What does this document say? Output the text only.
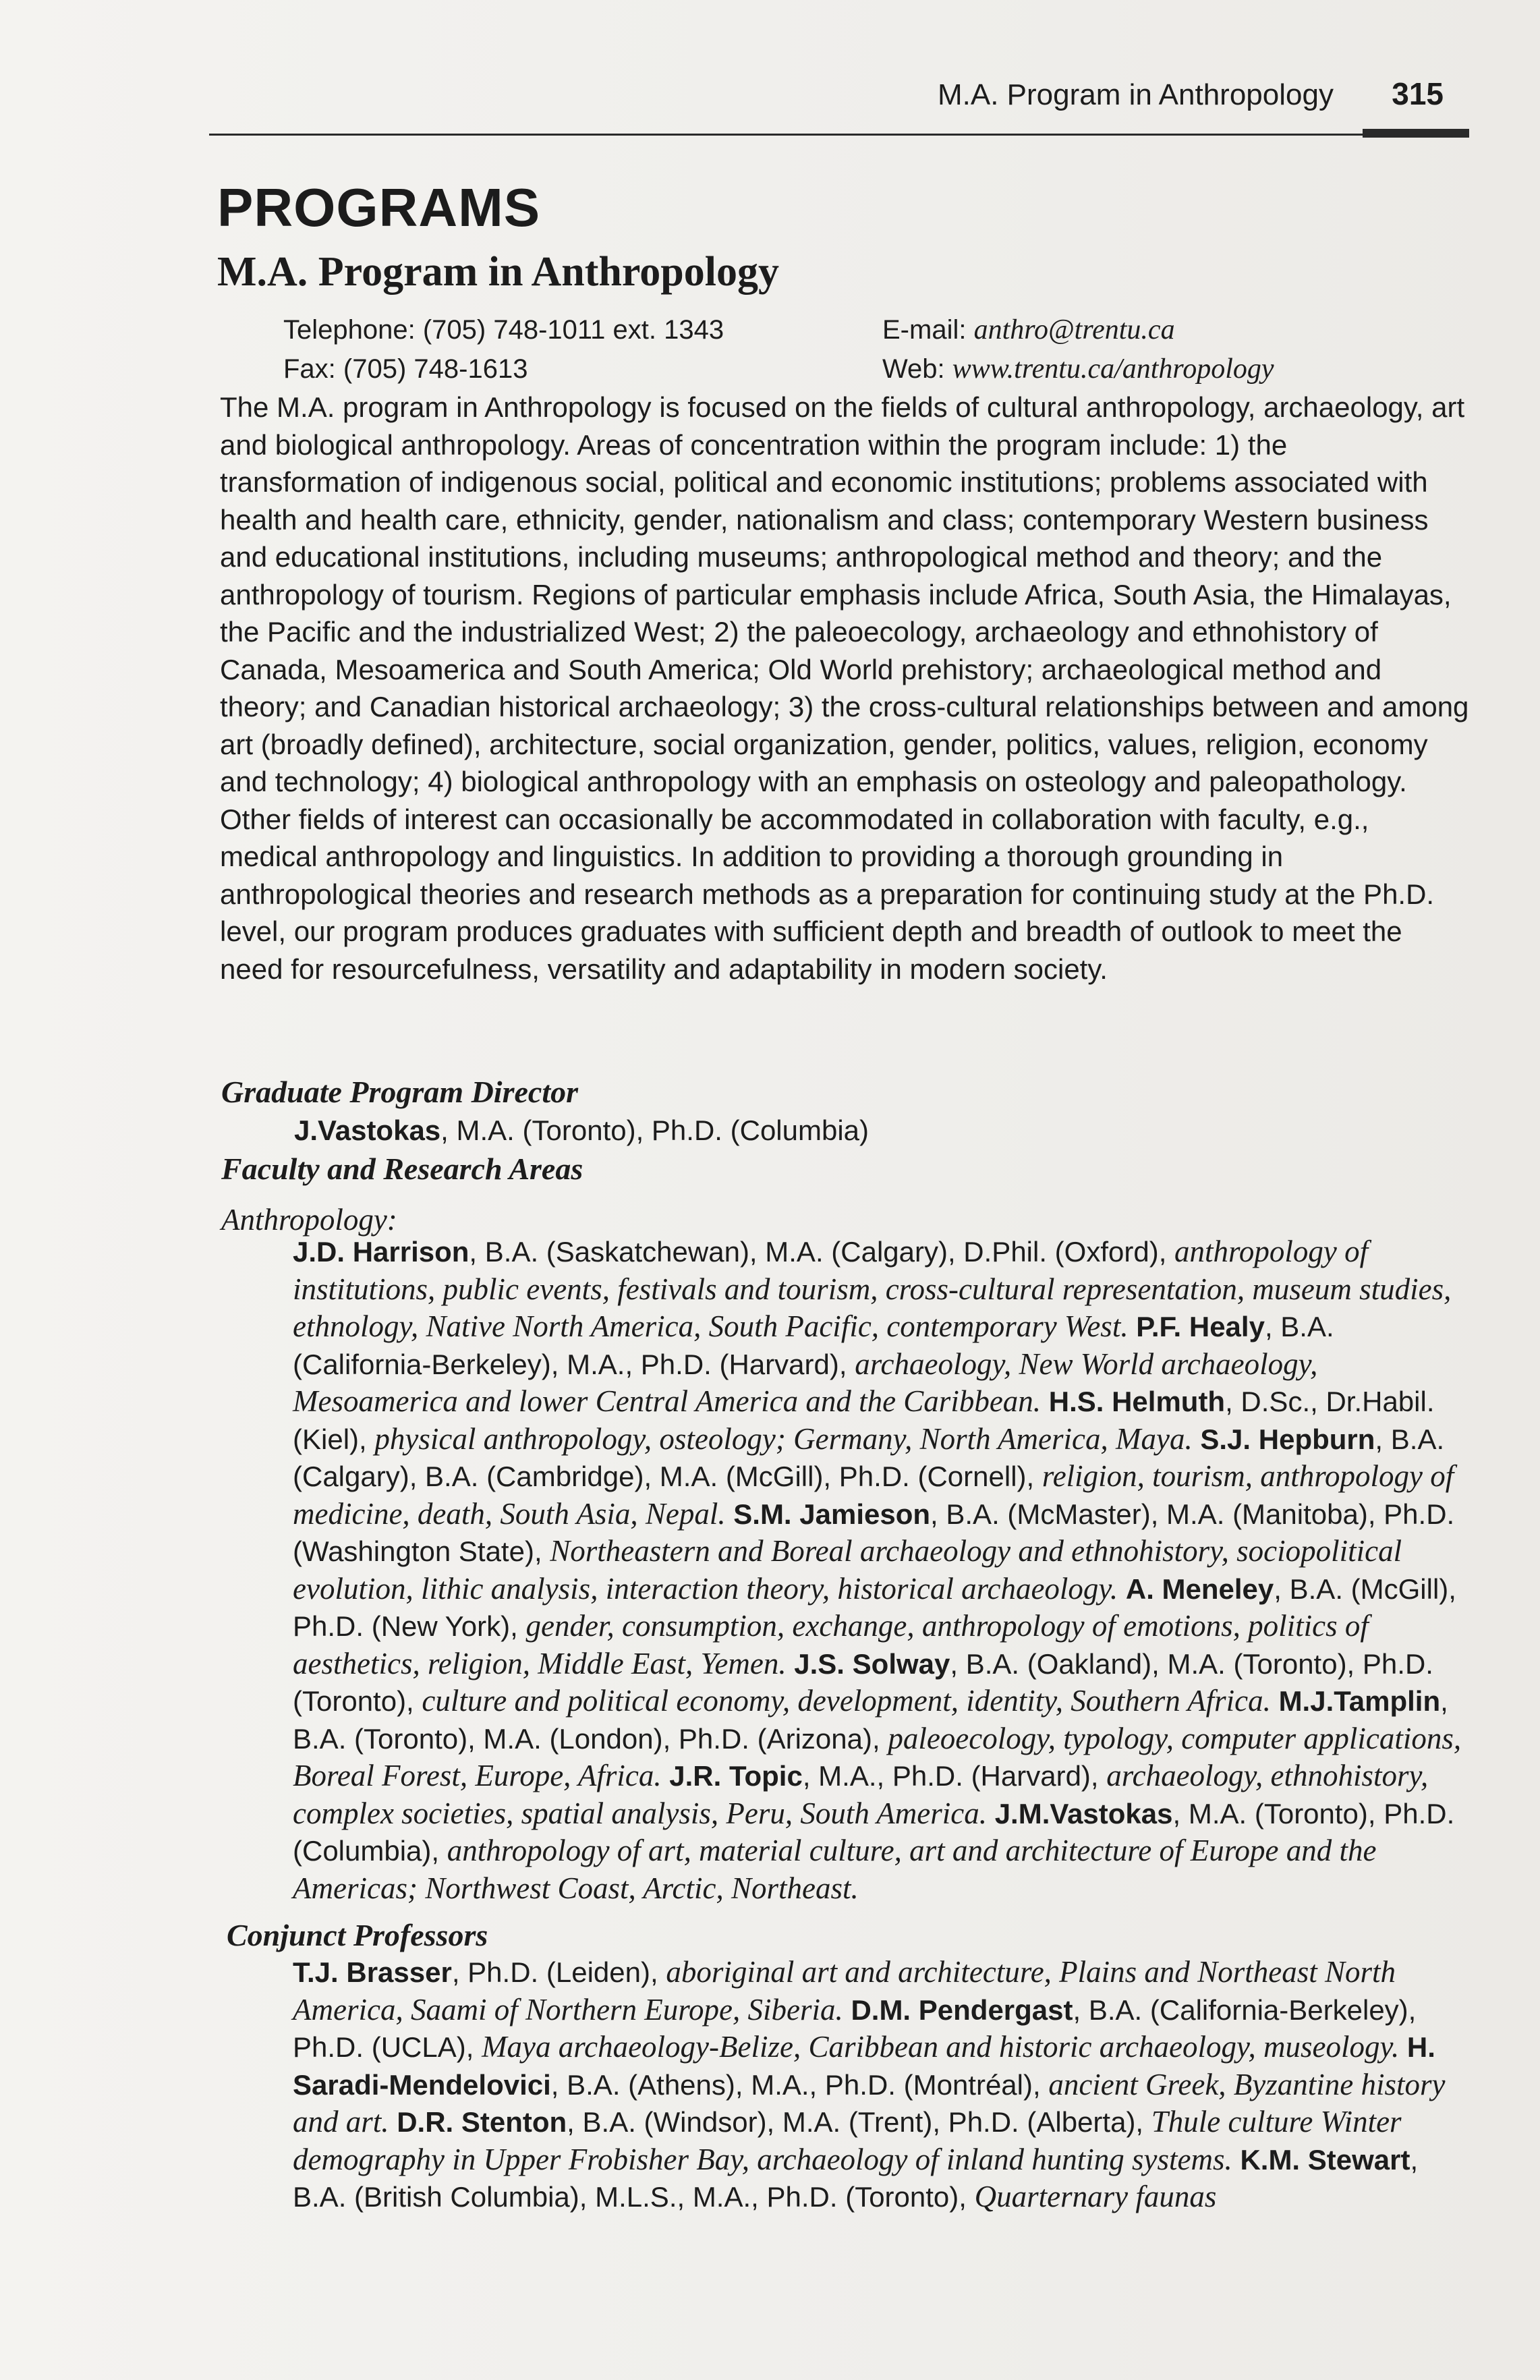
M.A. Program in Anthropology 315
PROGRAMS
M.A. Program in Anthropology
Telephone: (705) 748-1011 ext. 1343	E-mail: anthro@trentu.ca
Fax: (705) 748-1613	Web: www.trentu.ca/anthropology

The M.A. program in Anthropology is focused on the fields of cultural anthropology, archaeology, art and biological anthropology. Areas of concentration within the program include: 1) the transformation of indigenous social, political and economic institutions; problems associated with health and health care, ethnicity, gender, nationalism and class; contemporary Western business and educational institutions, including museums; anthropological method and theory; and the anthropology of tourism. Regions of particular emphasis include Africa, South Asia, the Himalayas, the Pacific and the industrialized West; 2) the paleoecology, archaeology and ethnohistory of Canada, Mesoamerica and South America; Old World prehistory; archaeological method and theory; and Canadian historical archaeology; 3) the cross-cultural relationships between and among art (broadly defined), architecture, social organization, gender, politics, values, religion, economy and technology; 4) biological anthropology with an emphasis on osteology and paleopathology. Other fields of interest can occasionally be accommodated in collaboration with faculty, e.g., medical anthropology and linguistics. In addition to providing a thorough grounding in anthropological theories and research methods as a preparation for continuing study at the Ph.D. level, our program produces graduates with sufficient depth and breadth of outlook to meet the need for resourcefulness, versatility and adaptability in modern society.

Graduate Program Director
J.Vastokas, M.A. (Toronto), Ph.D. (Columbia)
Faculty and Research Areas
Anthropology:

J.D. Harrison, B.A. (Saskatchewan), M.A. (Calgary), D.Phil. (Oxford), anthropology of institutions, public events, festivals and tourism, cross-cultural representation, museum studies, ethnology, Native North America, South Pacific, contemporary West. P.F. Healy, B.A. (California-Berkeley), M.A., Ph.D. (Harvard), archaeology, New World archaeology, Mesoamerica and lower Central America and the Caribbean. H.S. Helmuth, D.Sc., Dr.Habil. (Kiel), physical anthropology, osteology; Germany, North America, Maya. S.J. Hepburn, B.A. (Calgary), B.A. (Cambridge), M.A. (McGill), Ph.D. (Cornell), religion, tourism, anthropology of medicine, death, South Asia, Nepal. S.M. Jamieson, B.A. (McMaster), M.A. (Manitoba), Ph.D. (Washington State), Northeastern and Boreal archaeology and ethnohistory, sociopolitical evolution, lithic analysis, interaction theory, historical archaeology. A. Meneley, B.A. (McGill), Ph.D. (New York), gender, consumption, exchange, anthropology of emotions, politics of aesthetics, religion, Middle East, Yemen. J.S. Solway, B.A. (Oakland), M.A. (Toronto), Ph.D. (Toronto), culture and political economy, development, identity, Southern Africa. M.J.Tamplin, B.A. (Toronto), M.A. (London), Ph.D. (Arizona), paleoecology, typology, computer applications, Boreal Forest, Europe, Africa. J.R. Topic, M.A., Ph.D. (Harvard), archaeology, ethnohistory, complex societies, spatial analysis, Peru, South America. J.M.Vastokas, M.A. (Toronto), Ph.D. (Columbia), anthropology of art, material culture, art and architecture of Europe and the Americas; Northwest Coast, Arctic, Northeast.

Conjunct Professors

T.J. Brasser, Ph.D. (Leiden), aboriginal art and architecture, Plains and Northeast North America, Saami of Northern Europe, Siberia. D.M. Pendergast, B.A. (California-Berkeley), Ph.D. (UCLA), Maya archaeology-Belize, Caribbean and historic archaeology, museology. H. Saradi-Mendelovici, B.A. (Athens), M.A., Ph.D. (Montréal), ancient Greek, Byzantine history and art. D.R. Stenton, B.A. (Windsor), M.A. (Trent), Ph.D. (Alberta), Thule culture Winter demography in Upper Frobisher Bay, archaeology of inland hunting systems. K.M. Stewart, B.A. (British Columbia), M.L.S., M.A., Ph.D. (Toronto), Quarternary faunas
